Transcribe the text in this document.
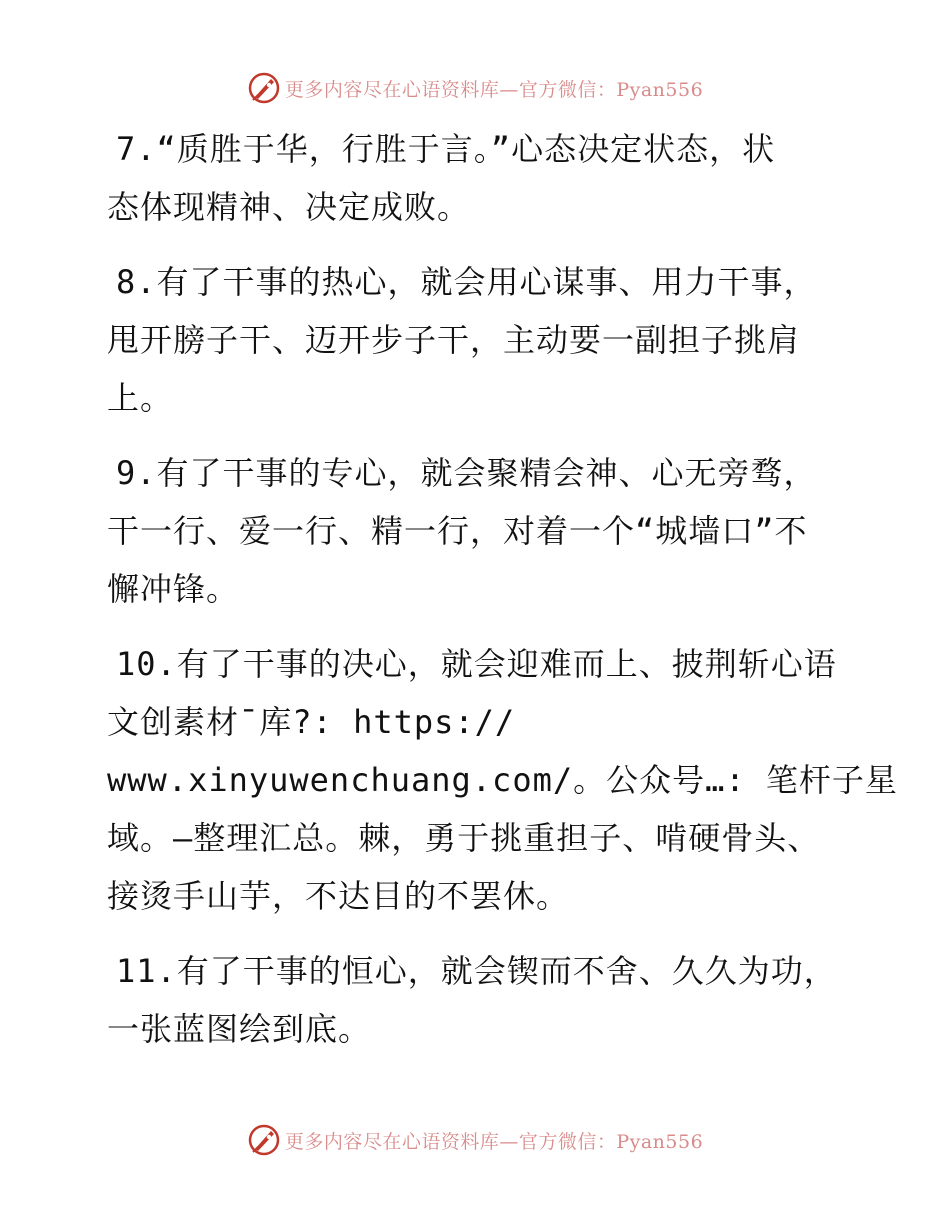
更多内容尽在心语资料库—官方微信：Pyan556

7.“质胜于华，行胜于言。”心态决定状态，状
态体现精神、决定成败。

8.有了干事的热心，就会用心谋事、用力干事，
甩开膀子干、迈开步子干，主动要一副担子挑肩
上。

9.有了干事的专心，就会聚精会神、心无旁骛，
干一行、爱一行、精一行，对着一个“城墙口”不
懈冲锋。

10.有了干事的决心，就会迎难而上、披荆斩心语
文创素材¯库?: https://
www.xinyuwenchuang.com/。公众号…: 笔杆子星
域。—整理汇总。棘，勇于挑重担子、啃硬骨头、
接烫手山芋，不达目的不罢休。

11.有了干事的恒心，就会锲而不舍、久久为功，
一张蓝图绘到底。

更多内容尽在心语资料库—官方微信：Pyan556
